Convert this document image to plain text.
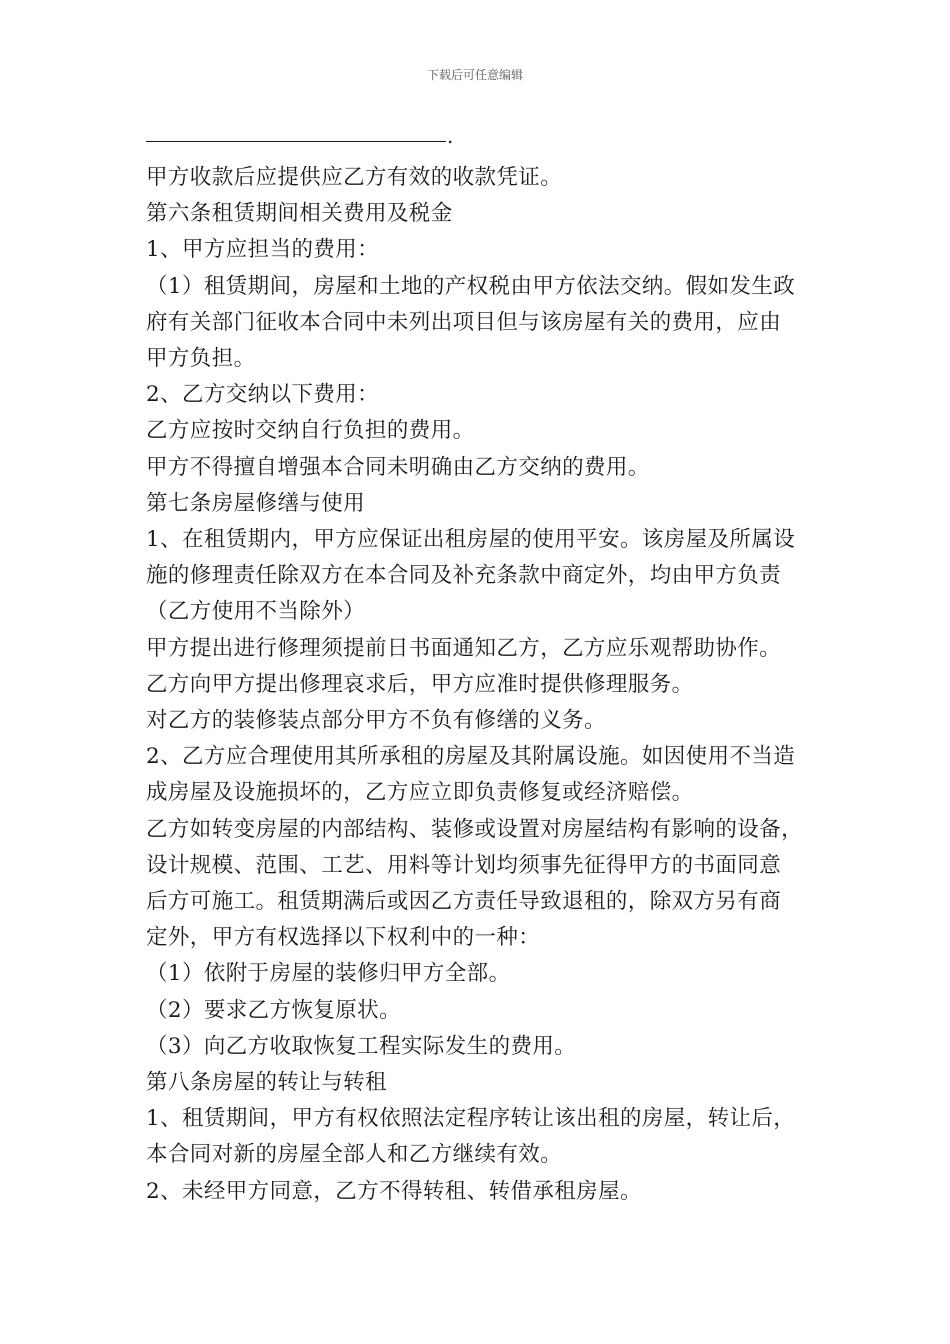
下载后可任意编辑
.
甲方收款后应提供应乙方有效的收款凭证。
第六条租赁期间相关费用及税金
1、甲方应担当的费用：
（1）租赁期间，房屋和土地的产权税由甲方依法交纳。假如发生政
府有关部门征收本合同中未列出项目但与该房屋有关的费用，应由
甲方负担。
2、乙方交纳以下费用：
乙方应按时交纳自行负担的费用。
甲方不得擅自增强本合同未明确由乙方交纳的费用。
第七条房屋修缮与使用
1、在租赁期内，甲方应保证出租房屋的使用平安。该房屋及所属设
施的修理责任除双方在本合同及补充条款中商定外，均由甲方负责
（乙方使用不当除外）
甲方提出进行修理须提前日书面通知乙方，乙方应乐观帮助协作。
乙方向甲方提出修理哀求后，甲方应准时提供修理服务。
对乙方的装修装点部分甲方不负有修缮的义务。
2、乙方应合理使用其所承租的房屋及其附属设施。如因使用不当造
成房屋及设施损坏的，乙方应立即负责修复或经济赔偿。
乙方如转变房屋的内部结构、装修或设置对房屋结构有影响的设备，
设计规模、范围、工艺、用料等计划均须事先征得甲方的书面同意
后方可施工。租赁期满后或因乙方责任导致退租的，除双方另有商
定外，甲方有权选择以下权利中的一种：
（1）依附于房屋的装修归甲方全部。
（2）要求乙方恢复原状。
（3）向乙方收取恢复工程实际发生的费用。
第八条房屋的转让与转租
1、租赁期间，甲方有权依照法定程序转让该出租的房屋，转让后，
本合同对新的房屋全部人和乙方继续有效。
2、未经甲方同意，乙方不得转租、转借承租房屋。
